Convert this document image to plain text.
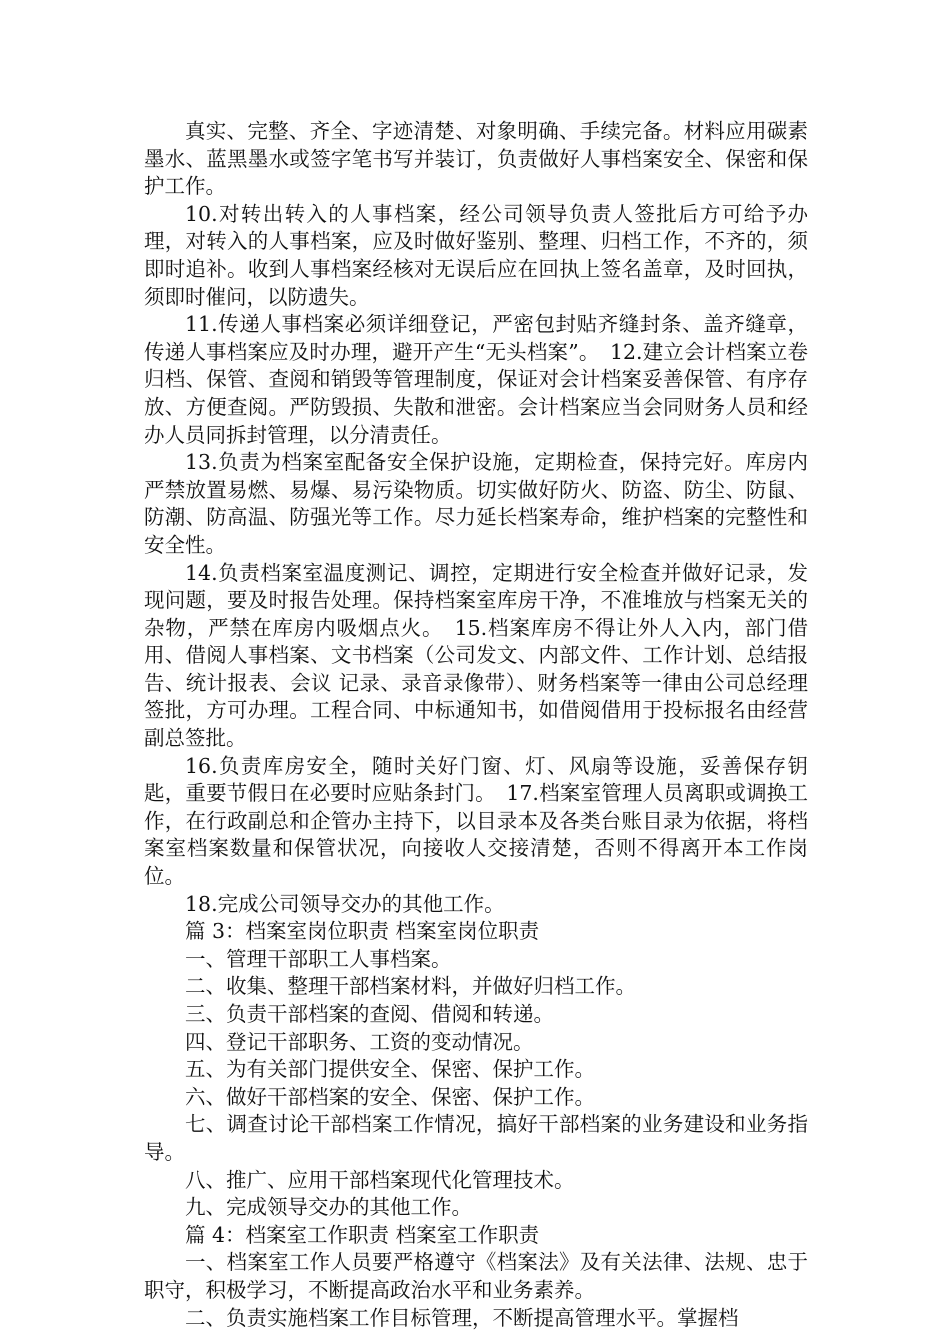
真实、完整、齐全、字迹清楚、对象明确、手续完备。材料应用碳素墨水、蓝黑墨水或签字笔书写并装订，负责做好人事档案安全、保密和保护工作。

10.对转出转入的人事档案，经公司领导负责人签批后方可给予办理，对转入的人事档案，应及时做好鉴别、整理、归档工作，不齐的，须即时追补。收到人事档案经核对无误后应在回执上签名盖章，及时回执，须即时催问，以防遗失。

11.传递人事档案必须详细登记，严密包封贴齐缝封条、盖齐缝章，传递人事档案应及时办理，避开产生“无头档案”。　12.建立会计档案立卷归档、保管、查阅和销毁等管理制度，保证对会计档案妥善保管、有序存放、方便查阅。严防毁损、失散和泄密。会计档案应当会同财务人员和经办人员同拆封管理，以分清责任。

13.负责为档案室配备安全保护设施，定期检查，保持完好。库房内严禁放置易燃、易爆、易污染物质。切实做好防火、防盗、防尘、防鼠、防潮、防高温、防强光等工作。尽力延长档案寿命，维护档案的完整性和安全性。

14.负责档案室温度测记、调控，定期进行安全检查并做好记录，发现问题，要及时报告处理。保持档案室库房干净，不准堆放与档案无关的杂物，严禁在库房内吸烟点火。　15.档案库房不得让外人入内，部门借用、借阅人事档案、文书档案（公司发文、内部文件、工作计划、总结报告、统计报表、会议 记录、录音录像带）、财务档案等一律由公司总经理签批，方可办理。工程合同、中标通知书，如借阅借用于投标报名由经营副总签批。

16.负责库房安全，随时关好门窗、灯、风扇等设施，妥善保存钥匙，重要节假日在必要时应贴条封门。　17.档案室管理人员离职或调换工作，在行政副总和企管办主持下，以目录本及各类台账目录为依据，将档案室档案数量和保管状况，向接收人交接清楚，否则不得离开本工作岗位。

18.完成公司领导交办的其他工作。

篇 3：档案室岗位职责 档案室岗位职责

一、管理干部职工人事档案。

二、收集、整理干部档案材料，并做好归档工作。

三、负责干部档案的查阅、借阅和转递。

四、登记干部职务、工资的变动情况。

五、为有关部门提供安全、保密、保护工作。

六、做好干部档案的安全、保密、保护工作。

七、调查讨论干部档案工作情况，搞好干部档案的业务建设和业务指导。

八、推广、应用干部档案现代化管理技术。

九、完成领导交办的其他工作。

篇 4：档案室工作职责 档案室工作职责

一、档案室工作人员要严格遵守《档案法》及有关法律、法规、忠于职守，积极学习，不断提高政治水平和业务素养。

二、负责实施档案工作目标管理，不断提高管理水平。掌握档
